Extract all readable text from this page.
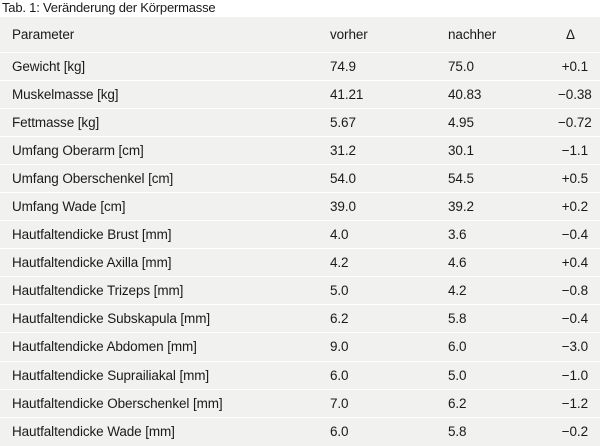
Tab. 1: Veränderung der Körpermasse
Parameter	vorher	nachher	Δ
Gewicht [kg]	74.9	75.0	+0.1
Muskelmasse [kg]	41.21	40.83	−0.38
Fettmasse [kg]	5.67	4.95	−0.72
Umfang Oberarm [cm]	31.2	30.1	−1.1
Umfang Oberschenkel [cm]	54.0	54.5	+0.5
Umfang Wade [cm]	39.0	39.2	+0.2
Hautfaltendicke Brust [mm]	4.0	3.6	−0.4
Hautfaltendicke Axilla [mm]	4.2	4.6	+0.4
Hautfaltendicke Trizeps [mm]	5.0	4.2	−0.8
Hautfaltendicke Subskapula [mm]	6.2	5.8	−0.4
Hautfaltendicke Abdomen [mm]	9.0	6.0	−3.0
Hautfaltendicke Suprailiakal [mm]	6.0	5.0	−1.0
Hautfaltendicke Oberschenkel [mm]	7.0	6.2	−1.2
Hautfaltendicke Wade [mm]	6.0	5.8	−0.2
